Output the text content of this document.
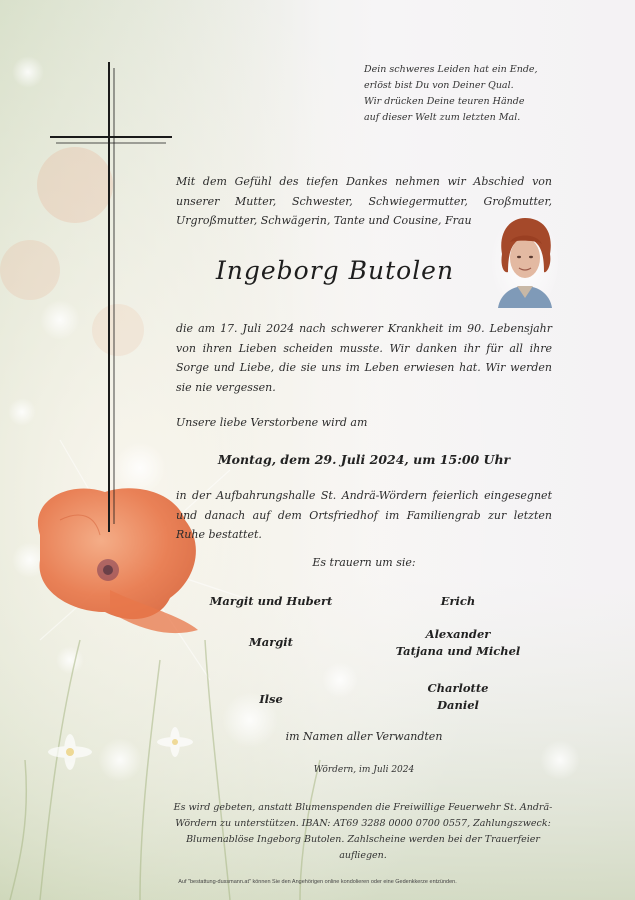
Dein schweres Leiden hat ein Ende,
erlöst bist Du von Deiner Qual.
Wir drücken Deine teuren Hände
auf dieser Welt zum letzten Mal.

Mit dem Gefühl des tiefen Dankes nehmen wir Abschied von unserer Mutter, Schwester, Schwiegermutter, Großmutter, Urgroßmutter, Schwägerin, Tante und Cousine, Frau

Ingeborg Butolen

die am 17. Juli 2024 nach schwerer Krankheit im 90. Lebensjahr von ihren Lieben scheiden musste. Wir danken ihr für all ihre Sorge und Liebe, die sie uns im Leben erwiesen hat. Wir werden sie nie vergessen.

Unsere liebe Verstorbene wird am
Montag, dem 29. Juli 2024, um 15:00 Uhr

in der Aufbahrungshalle St. Andrä-Wördern feierlich eingesegnet und danach auf dem Ortsfriedhof im Familiengrab zur letzten Ruhe bestattet.

Es trauern um sie:
Margit und Hubert	Erich
Margit
Alexander
Tatjana und Michel
Ilse
Charlotte
Daniel
im Namen aller Verwandten
Wördern, im Juli 2024

Es wird gebeten, anstatt Blumenspenden die Freiwillige Feuerwehr St. Andrä-Wördern zu unterstützen. IBAN: AT69 3288 0000 0700 0557, Zahlungszweck: Blumenablöse Ingeborg Butolen. Zahlscheine werden bei der Trauerfeier aufliegen.

Auf "bestattung-dussmann.at" können Sie den Angehörigen online kondolieren oder eine Gedenkkerze entzünden.
